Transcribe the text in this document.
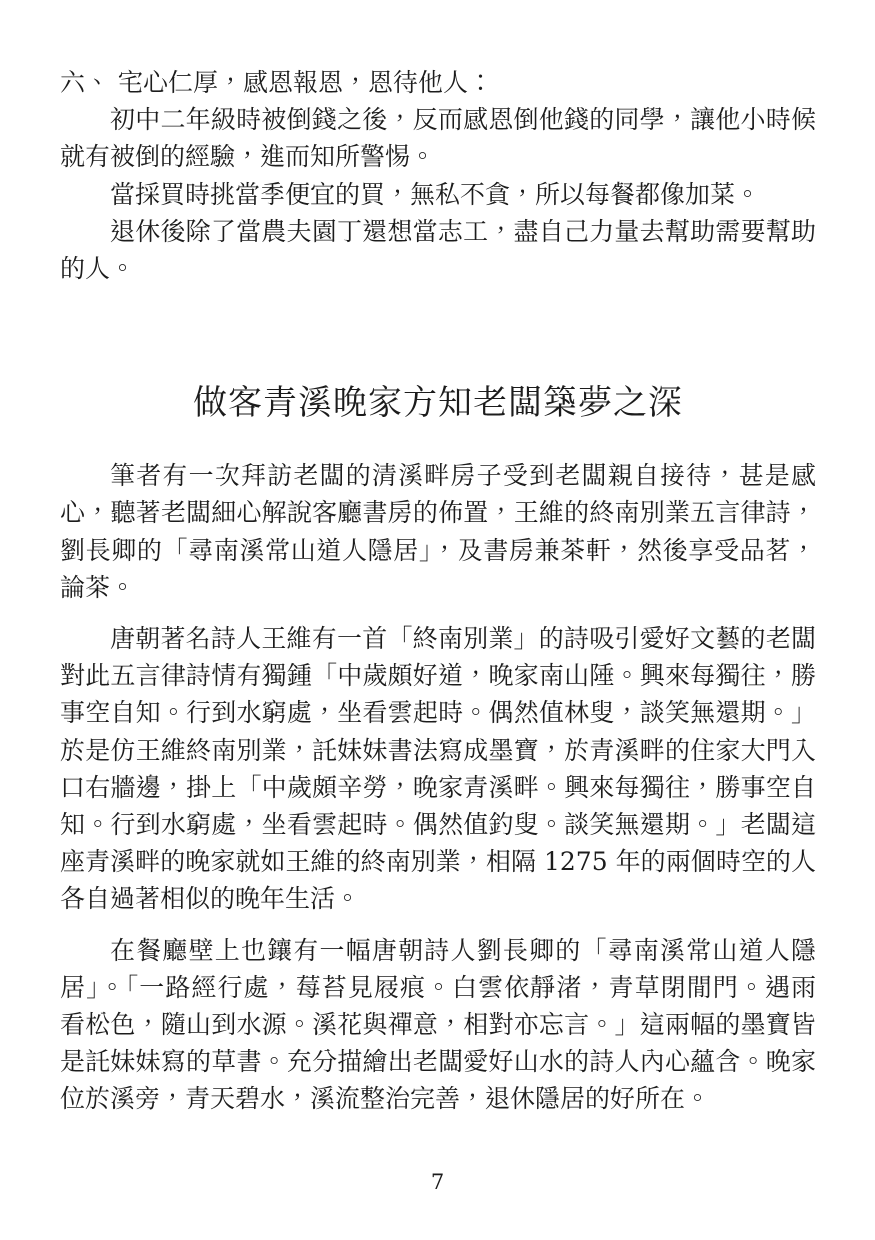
六、 宅心仁厚，感恩報恩，恩待他人：
初中二年級時被倒錢之後，反而感恩倒他錢的同學，讓他小時候
就有被倒的經驗，進而知所警惕。
當採買時挑當季便宜的買，無私不貪，所以每餐都像加菜。
退休後除了當農夫園丁還想當志工，盡自己力量去幫助需要幫助
的人。
做客青溪晚家方知老闆築夢之深
筆者有一次拜訪老闆的清溪畔房子受到老闆親自接待，甚是感
心，聽著老闆細心解說客廳書房的佈置，王維的終南別業五言律詩，
劉長卿的「尋南溪常山道人隱居」，及書房兼茶軒，然後享受品茗，
論茶。
唐朝著名詩人王維有一首「終南別業」的詩吸引愛好文藝的老闆
對此五言律詩情有獨鍾「中歲頗好道，晚家南山陲。興來每獨往，勝
事空自知。行到水窮處，坐看雲起時。偶然值林叟，談笑無還期。」
於是仿王維終南別業，託妹妹書法寫成墨寶，於青溪畔的住家大門入
口右牆邊，掛上「中歲頗辛勞，晚家青溪畔。興來每獨往，勝事空自
知。行到水窮處，坐看雲起時。偶然值釣叟。談笑無還期。」老闆這
座青溪畔的晚家就如王維的終南別業，相隔 1275 年的兩個時空的人
各自過著相似的晚年生活。
在餐廳壁上也鑲有一幅唐朝詩人劉長卿的「尋南溪常山道人隱
居」。「一路經行處，莓苔見屐痕。白雲依靜渚，青草閉閒門。遇雨
看松色，隨山到水源。溪花與禪意，相對亦忘言。」這兩幅的墨寶皆
是託妹妹寫的草書。充分描繪出老闆愛好山水的詩人內心蘊含。晚家
位於溪旁，青天碧水，溪流整治完善，退休隱居的好所在。
7
